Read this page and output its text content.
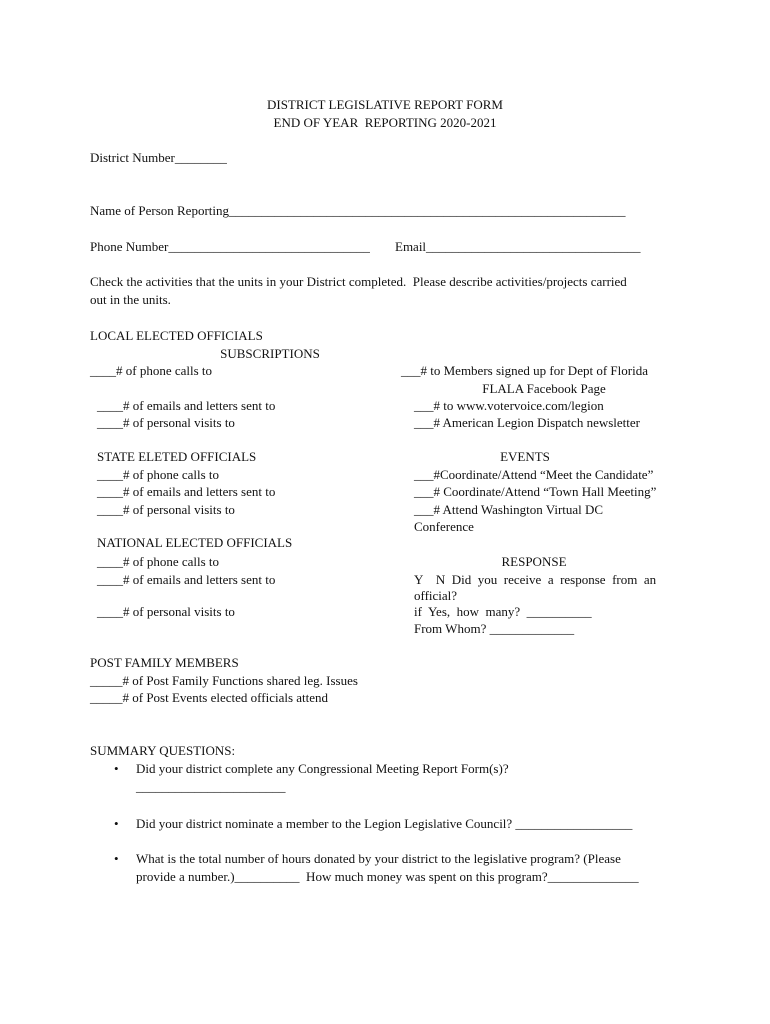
DISTRICT LEGISLATIVE REPORT FORM
END OF YEAR  REPORTING 2020-2021
District Number________
Name of Person Reporting_____________________________________________________________
Phone Number_______________________________ Email_________________________________
Check the activities that the units in your District completed.  Please describe activities/projects carried
out in the units.
LOCAL ELECTED OFFICIALS
____# of phone calls to
____# of emails and letters sent to
____# of personal visits to
SUBSCRIPTIONS
___# to Members signed up for Dept of Florida
FLALA Facebook Page
___# to www.votervoice.com/legion
___# American Legion Dispatch newsletter
STATE ELETED OFFICIALS
____# of phone calls to
____# of emails and letters sent to
____# of personal visits to
EVENTS
___#Coordinate/Attend “Meet the Candidate”
___# Coordinate/Attend “Town Hall Meeting”
___# Attend Washington Virtual DC
Conference
NATIONAL ELECTED OFFICIALS
____# of phone calls to
____# of emails and letters sent to
____# of personal visits to
RESPONSE
Y    N  Did  you  receive  a  response  from  an
official?
if  Yes,  how  many?  __________
From Whom? _____________
POST FAMILY MEMBERS
_____# of Post Family Functions shared leg. Issues
_____# of Post Events elected officials attend
SUMMARY QUESTIONS:
• Did your district complete any Congressional Meeting Report Form(s)?
_______________________
• Did your district nominate a member to the Legion Legislative Council? __________________
• What is the total number of hours donated by your district to the legislative program? (Please
provide a number.)__________  How much money was spent on this program?______________
